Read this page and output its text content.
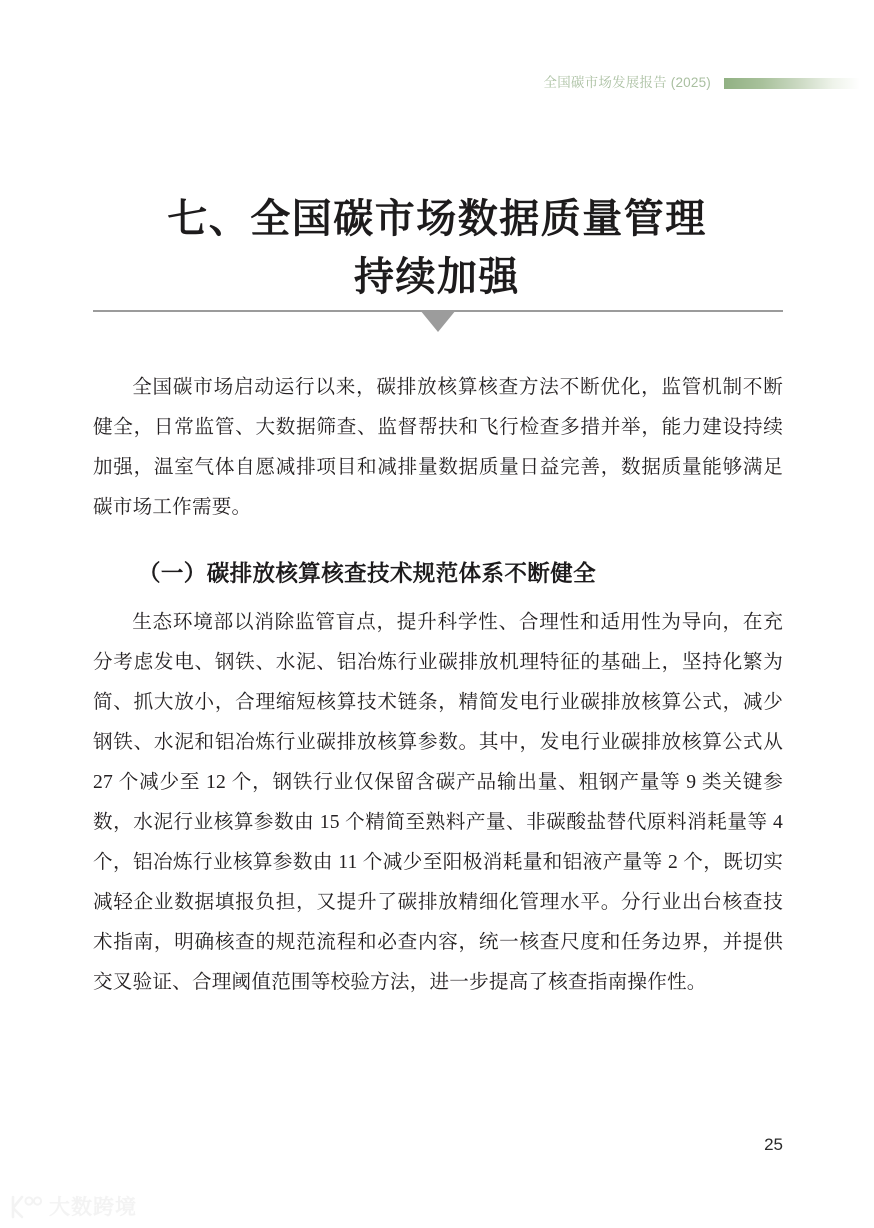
全国碳市场发展报告 (2025)
七、全国碳市场数据质量管理
持续加强

全国碳市场启动运行以来，碳排放核算核查方法不断优化，监管机制不断健全，日常监管、大数据筛查、监督帮扶和飞行检查多措并举，能力建设持续加强，温室气体自愿减排项目和减排量数据质量日益完善，数据质量能够满足碳市场工作需要。

（一）碳排放核算核查技术规范体系不断健全

生态环境部以消除监管盲点，提升科学性、合理性和适用性为导向，在充分考虑发电、钢铁、水泥、铝冶炼行业碳排放机理特征的基础上，坚持化繁为简、抓大放小，合理缩短核算技术链条，精简发电行业碳排放核算公式，减少钢铁、水泥和铝冶炼行业碳排放核算参数。其中，发电行业碳排放核算公式从 27 个减少至 12 个，钢铁行业仅保留含碳产品输出量、粗钢产量等 9 类关键参数，水泥行业核算参数由 15 个精简至熟料产量、非碳酸盐替代原料消耗量等 4 个，铝冶炼行业核算参数由 11 个减少至阳极消耗量和铝液产量等 2 个，既切实减轻企业数据填报负担，又提升了碳排放精细化管理水平。分行业出台核查技术指南，明确核查的规范流程和必查内容，统一核查尺度和任务边界，并提供交叉验证、合理阈值范围等校验方法，进一步提高了核查指南操作性。

25
大数跨境
